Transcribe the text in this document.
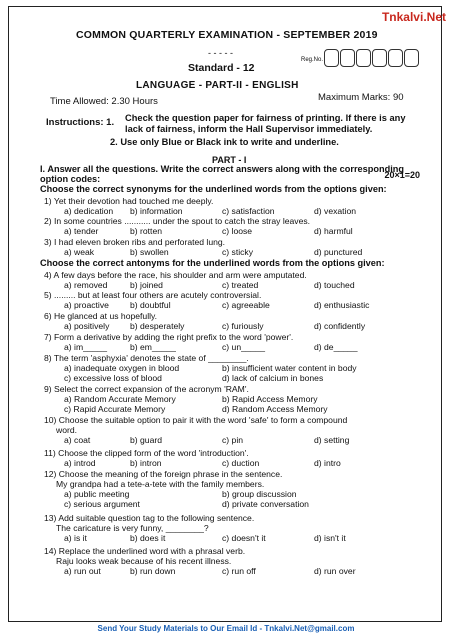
Tnkalvi.Net
COMMON QUARTERLY EXAMINATION - SEPTEMBER 2019
- - - - -
Reg.No.
Standard - 12
LANGUAGE - PART-II - ENGLISH
Time Allowed: 2.30 Hours	Maximum Marks: 90
Instructions: 1. Check the question paper for fairness of printing. If there is any lack of fairness, inform the Hall Supervisor immediately.
2. Use only Blue or Black ink to write and underline.
PART - I
I. Answer all the questions. Write the correct answers along with the corresponding option codes:	20×1=20
Choose the correct synonyms for the underlined words from the options given:
Choose the correct antonyms for the underlined words from the options given:
1) Yet their devotion had touched me deeply.
a) dedication b) information	c) satisfaction	d) vexation
2) In some countries ........... under the spout to catch the stray leaves.
a) tender	b) rotten	c) loose	d) harmful
3) I had eleven broken ribs and perforated lung.
a) weak	b) swollen	c) sticky	d) punctured
4) A few days before the race, his shoulder and arm were amputated.
a) removed	b) joined	c) treated	d) touched
5) ......... but at least four others are acutely controversial.
a) proactive b) doubtful	c) agreeable	d) enthusiastic
6) He glanced at us hopefully.
a) positively b) desperately	c) furiously	d) confidently
7) Form a derivative by adding the right prefix to the word 'power'.
a) im_____	b) em_____	c) un_____	d) de_____
8) The term 'asphyxia' denotes the state of ________.
a) inadequate oxygen in blood	b) insufficient water content in body
c) excessive loss of blood	d) lack of calcium in bones
9) Select the correct expansion of the acronym 'RAM'.
a) Random Accurate Memory	b) Rapid Access Memory
c) Rapid Accurate Memory	d) Random Access Memory
10) Choose the suitable option to pair it with the word 'safe' to form a compound
word.
a) coat	b) guard	c) pin	d) setting
11) Choose the clipped form of the word 'introduction'.
a) introd	b) intron	c) duction	d) intro
12) Choose the meaning of the foreign phrase in the sentence.
My grandpa had a tete-a-tete with the family members.
a) public meeting	b) group discussion
c) serious argument	d) private conversation
13) Add suitable question tag to the following sentence.
The caricature is very funny, ________?
a) is it	b) does it	c) doesn't it	d) isn't it
14) Replace the underlined word with a phrasal verb.
Raju looks weak because of his recent illness.
a) run out	b) run down	c) run off	d) run over
Send Your Study Materials to Our Email Id - Tnkalvi.Net@gmail.com
